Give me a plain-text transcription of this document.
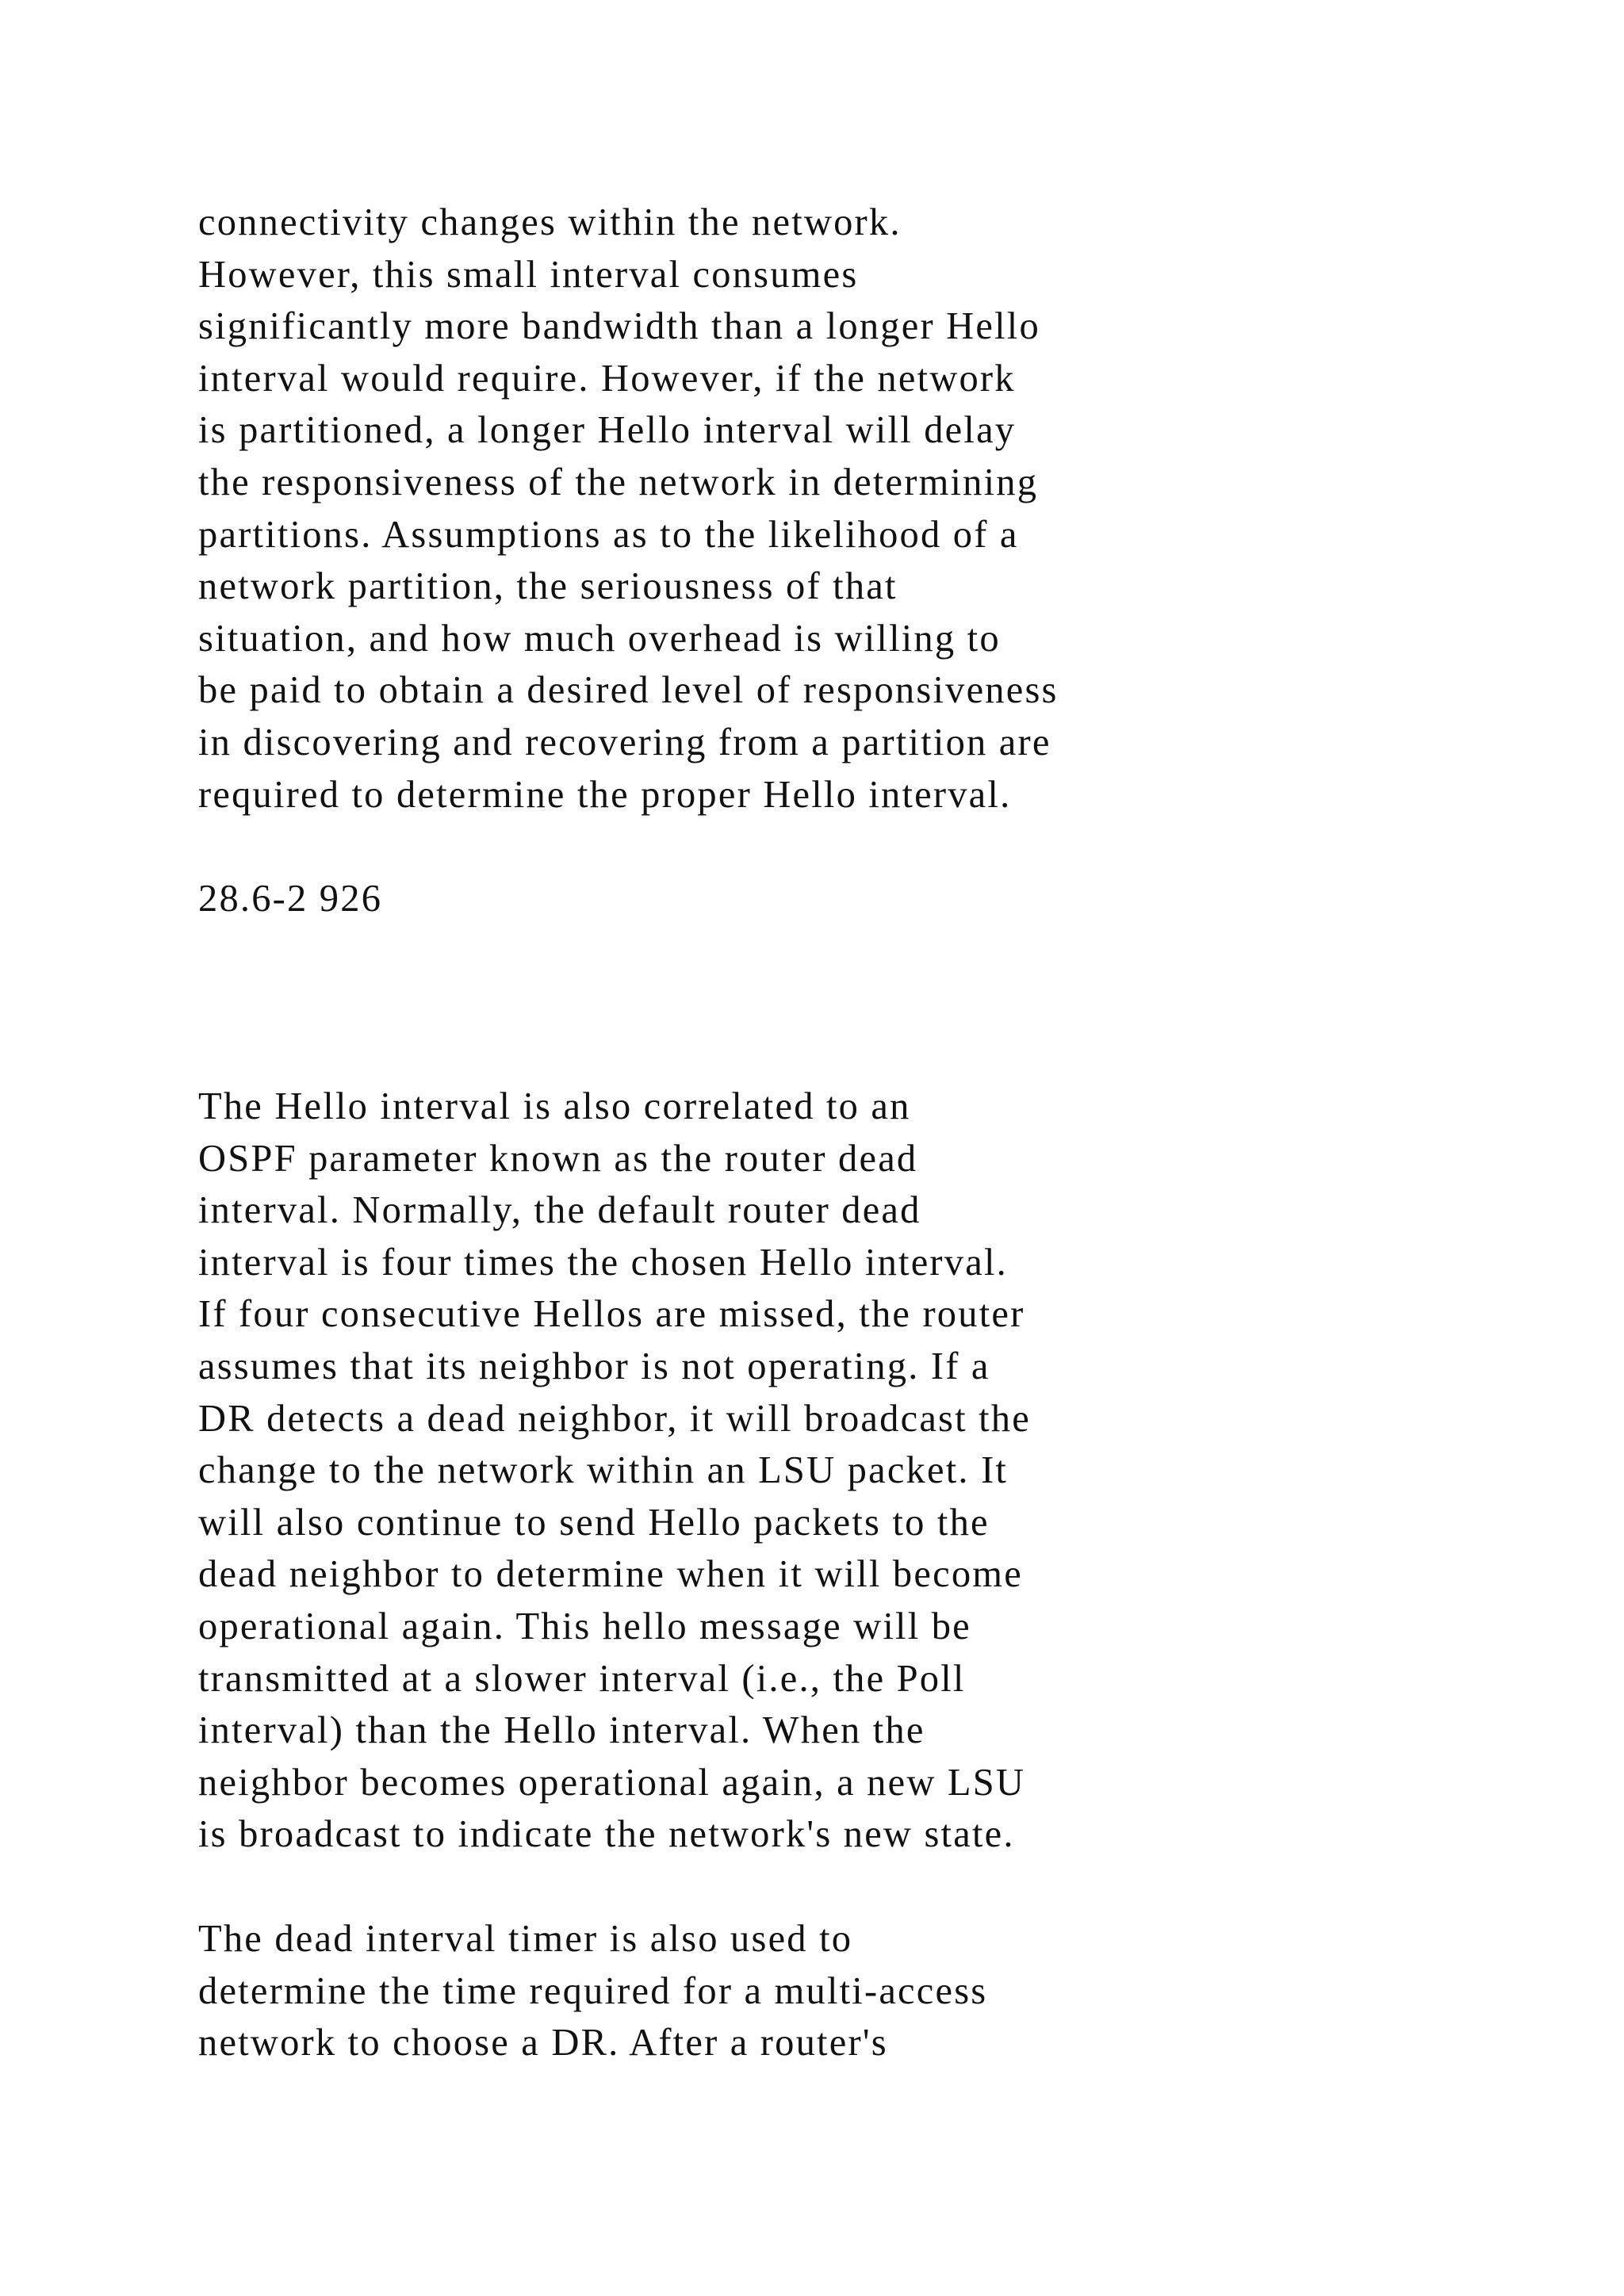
connectivity changes within the network.
However, this small interval consumes
significantly more bandwidth than a longer Hello
interval would require. However, if the network
is partitioned, a longer Hello interval will delay
the responsiveness of the network in determining
partitions. Assumptions as to the likelihood of a
network partition, the seriousness of that
situation, and how much overhead is willing to
be paid to obtain a desired level of responsiveness
in discovering and recovering from a partition are
required to determine the proper Hello interval.

28.6-2 926

The Hello interval is also correlated to an
OSPF parameter known as the router dead
interval. Normally, the default router dead
interval is four times the chosen Hello interval.
If four consecutive Hellos are missed, the router
assumes that its neighbor is not operating. If a
DR detects a dead neighbor, it will broadcast the
change to the network within an LSU packet. It
will also continue to send Hello packets to the
dead neighbor to determine when it will become
operational again. This hello message will be
transmitted at a slower interval (i.e., the Poll
interval) than the Hello interval. When the
neighbor becomes operational again, a new LSU
is broadcast to indicate the network's new state.

The dead interval timer is also used to
determine the time required for a multi-access
network to choose a DR. After a router's
